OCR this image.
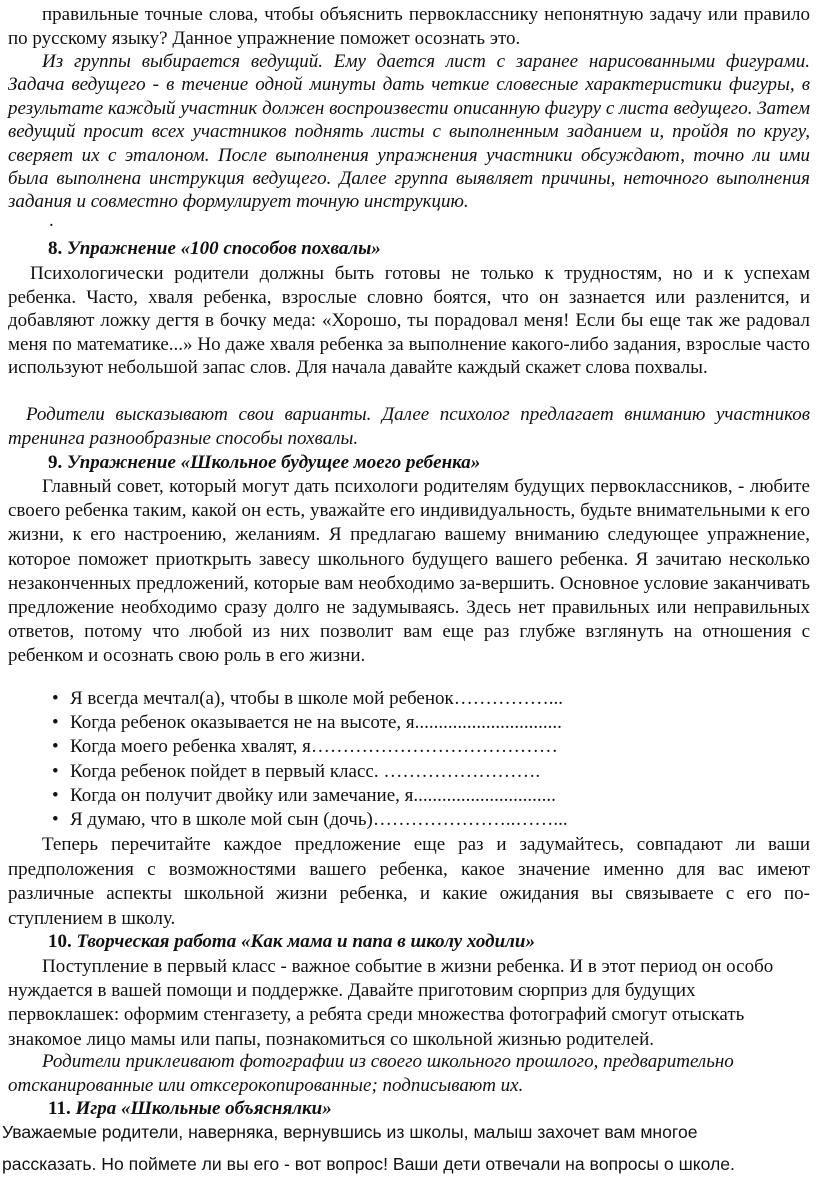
правильные точные слова, чтобы объяснить первокласснику непонятную задачу или правило по русскому языку? Данное упражнение поможет осознать это.

Из группы выбирается ведущий. Ему дается лист с заранее нарисованными фигурами. Задача ведущего - в течение одной минуты дать четкие словесные характеристики фигуры, в результате каждый участник должен воспроизвести описанную фигуру с листа ведущего. Затем ведущий просит всех участников поднять листы с выполненным заданием и, пройдя по кругу, сверяет их с эталоном. После выполнения упражнения участники обсуждают, точно ли ими была выполнена инструкция ведущего. Далее группа выявляет причины, неточного выполнения задания и совместно формулирует точную инструкцию.

.

8. Упражнение «100 способов похвалы»

Психологически родители должны быть готовы не только к трудностям, но и к успехам ребенка. Часто, хваля ребенка, взрослые словно боятся, что он зазнается или разленится, и добавляют ложку дегтя в бочку меда: «Хорошо, ты порадовал меня! Если бы еще так же радовал меня по математике...» Но даже хваля ребенка за выполнение какого-либо задания, взрослые часто используют небольшой запас слов. Для начала давайте каждый скажет слова похвалы.

Родители высказывают свои варианты. Далее психолог предлагает вниманию участников тренинга разнообразные способы похвалы.

9. Упражнение «Школьное будущее моего ребенка»

Главный совет, который могут дать психологи родителям будущих первоклассников, - любите своего ребенка таким, какой он есть, уважайте его индивидуальность, будьте внимательными к его жизни, к его настроению, желаниям. Я предлагаю вашему вниманию следующее упражнение, которое поможет приоткрыть завесу школьного будущего вашего ребенка. Я зачитаю несколько незаконченных предложений, которые вам необходимо за-вершить. Основное условие заканчивать предложение необходимо сразу долго не задумываясь. Здесь нет правильных или неправильных ответов, потому что любой из них позволит вам еще раз глубже взглянуть на отношения с ребенком и осознать свою роль в его жизни.

• Я всегда мечтал(а), чтобы в школе мой ребенок……………...
• Когда ребенок оказывается не на высоте, я...............................
• Когда моего ребенка хвалят, я…………………………………
• Когда ребенок пойдет в первый класс. …………………….
• Когда он получит двойку или замечание, я..............................
• Я думаю, что в школе мой сын (дочь)…………………..……...

Теперь перечитайте каждое предложение еще раз и задумайтесь, совпадают ли ваши предположения с возможностями вашего ребенка, какое значение именно для вас имеют различные аспекты школьной жизни ребенка, и какие ожидания вы связываете с его по-ступлением в школу.

10. Творческая работа «Как мама и папа в школу ходили»

Поступление в первый класс - важное событие в жизни ребенка. И в этот период он особо нуждается в вашей помощи и поддержке. Давайте приготовим сюрприз для будущих первоклашек: оформим стенгазету, а ребята среди множества фотографий смогут отыскать знакомое лицо мамы или папы, познакомиться со школьной жизнью родителей.

Родители приклеивают фотографии из своего школьного прошлого, предварительно отсканированные или откcерокопированные; подписывают их.

11. Игра «Школьные объяснялки»

Уважаемые родители, наверняка, вернувшись из школы, малыш захочет вам многое

рассказать. Но поймете ли вы его - вот вопрос! Ваши дети отвечали на вопросы о школе.
